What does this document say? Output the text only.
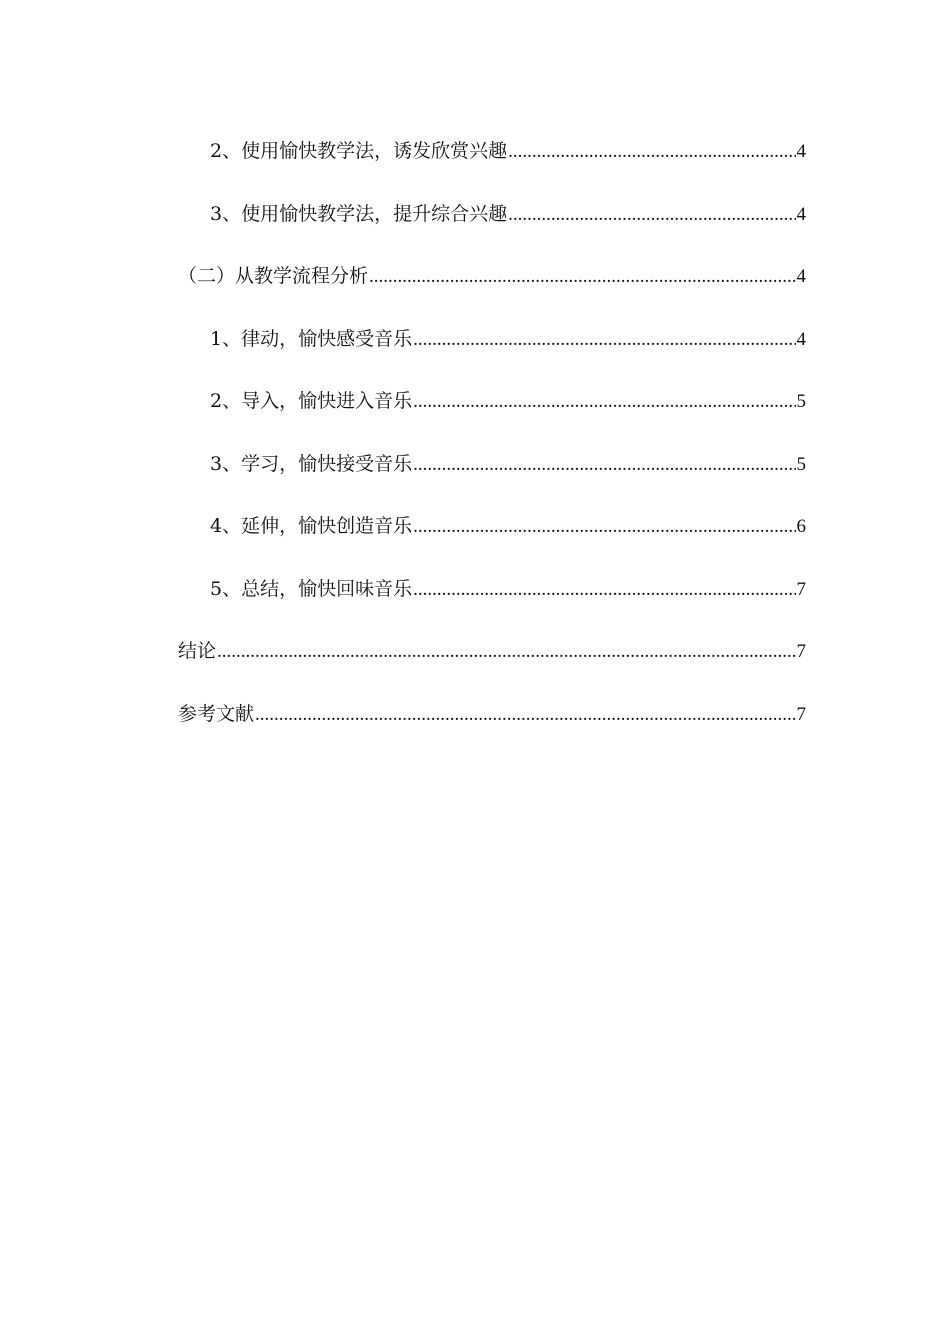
2、使用愉快教学法，诱发欣赏兴趣 .....	4
3、使用愉快教学法，提升综合兴趣 .....	4
（二）从教学流程分析 .....	4
1、律动，愉快感受音乐 .....	4
2、导入，愉快进入音乐 .....	5
3、学习，愉快接受音乐 .....	5
4、延伸，愉快创造音乐 .....	6
5、总结，愉快回味音乐 .....	7
结论 .....	7
参考文献 .....	7
